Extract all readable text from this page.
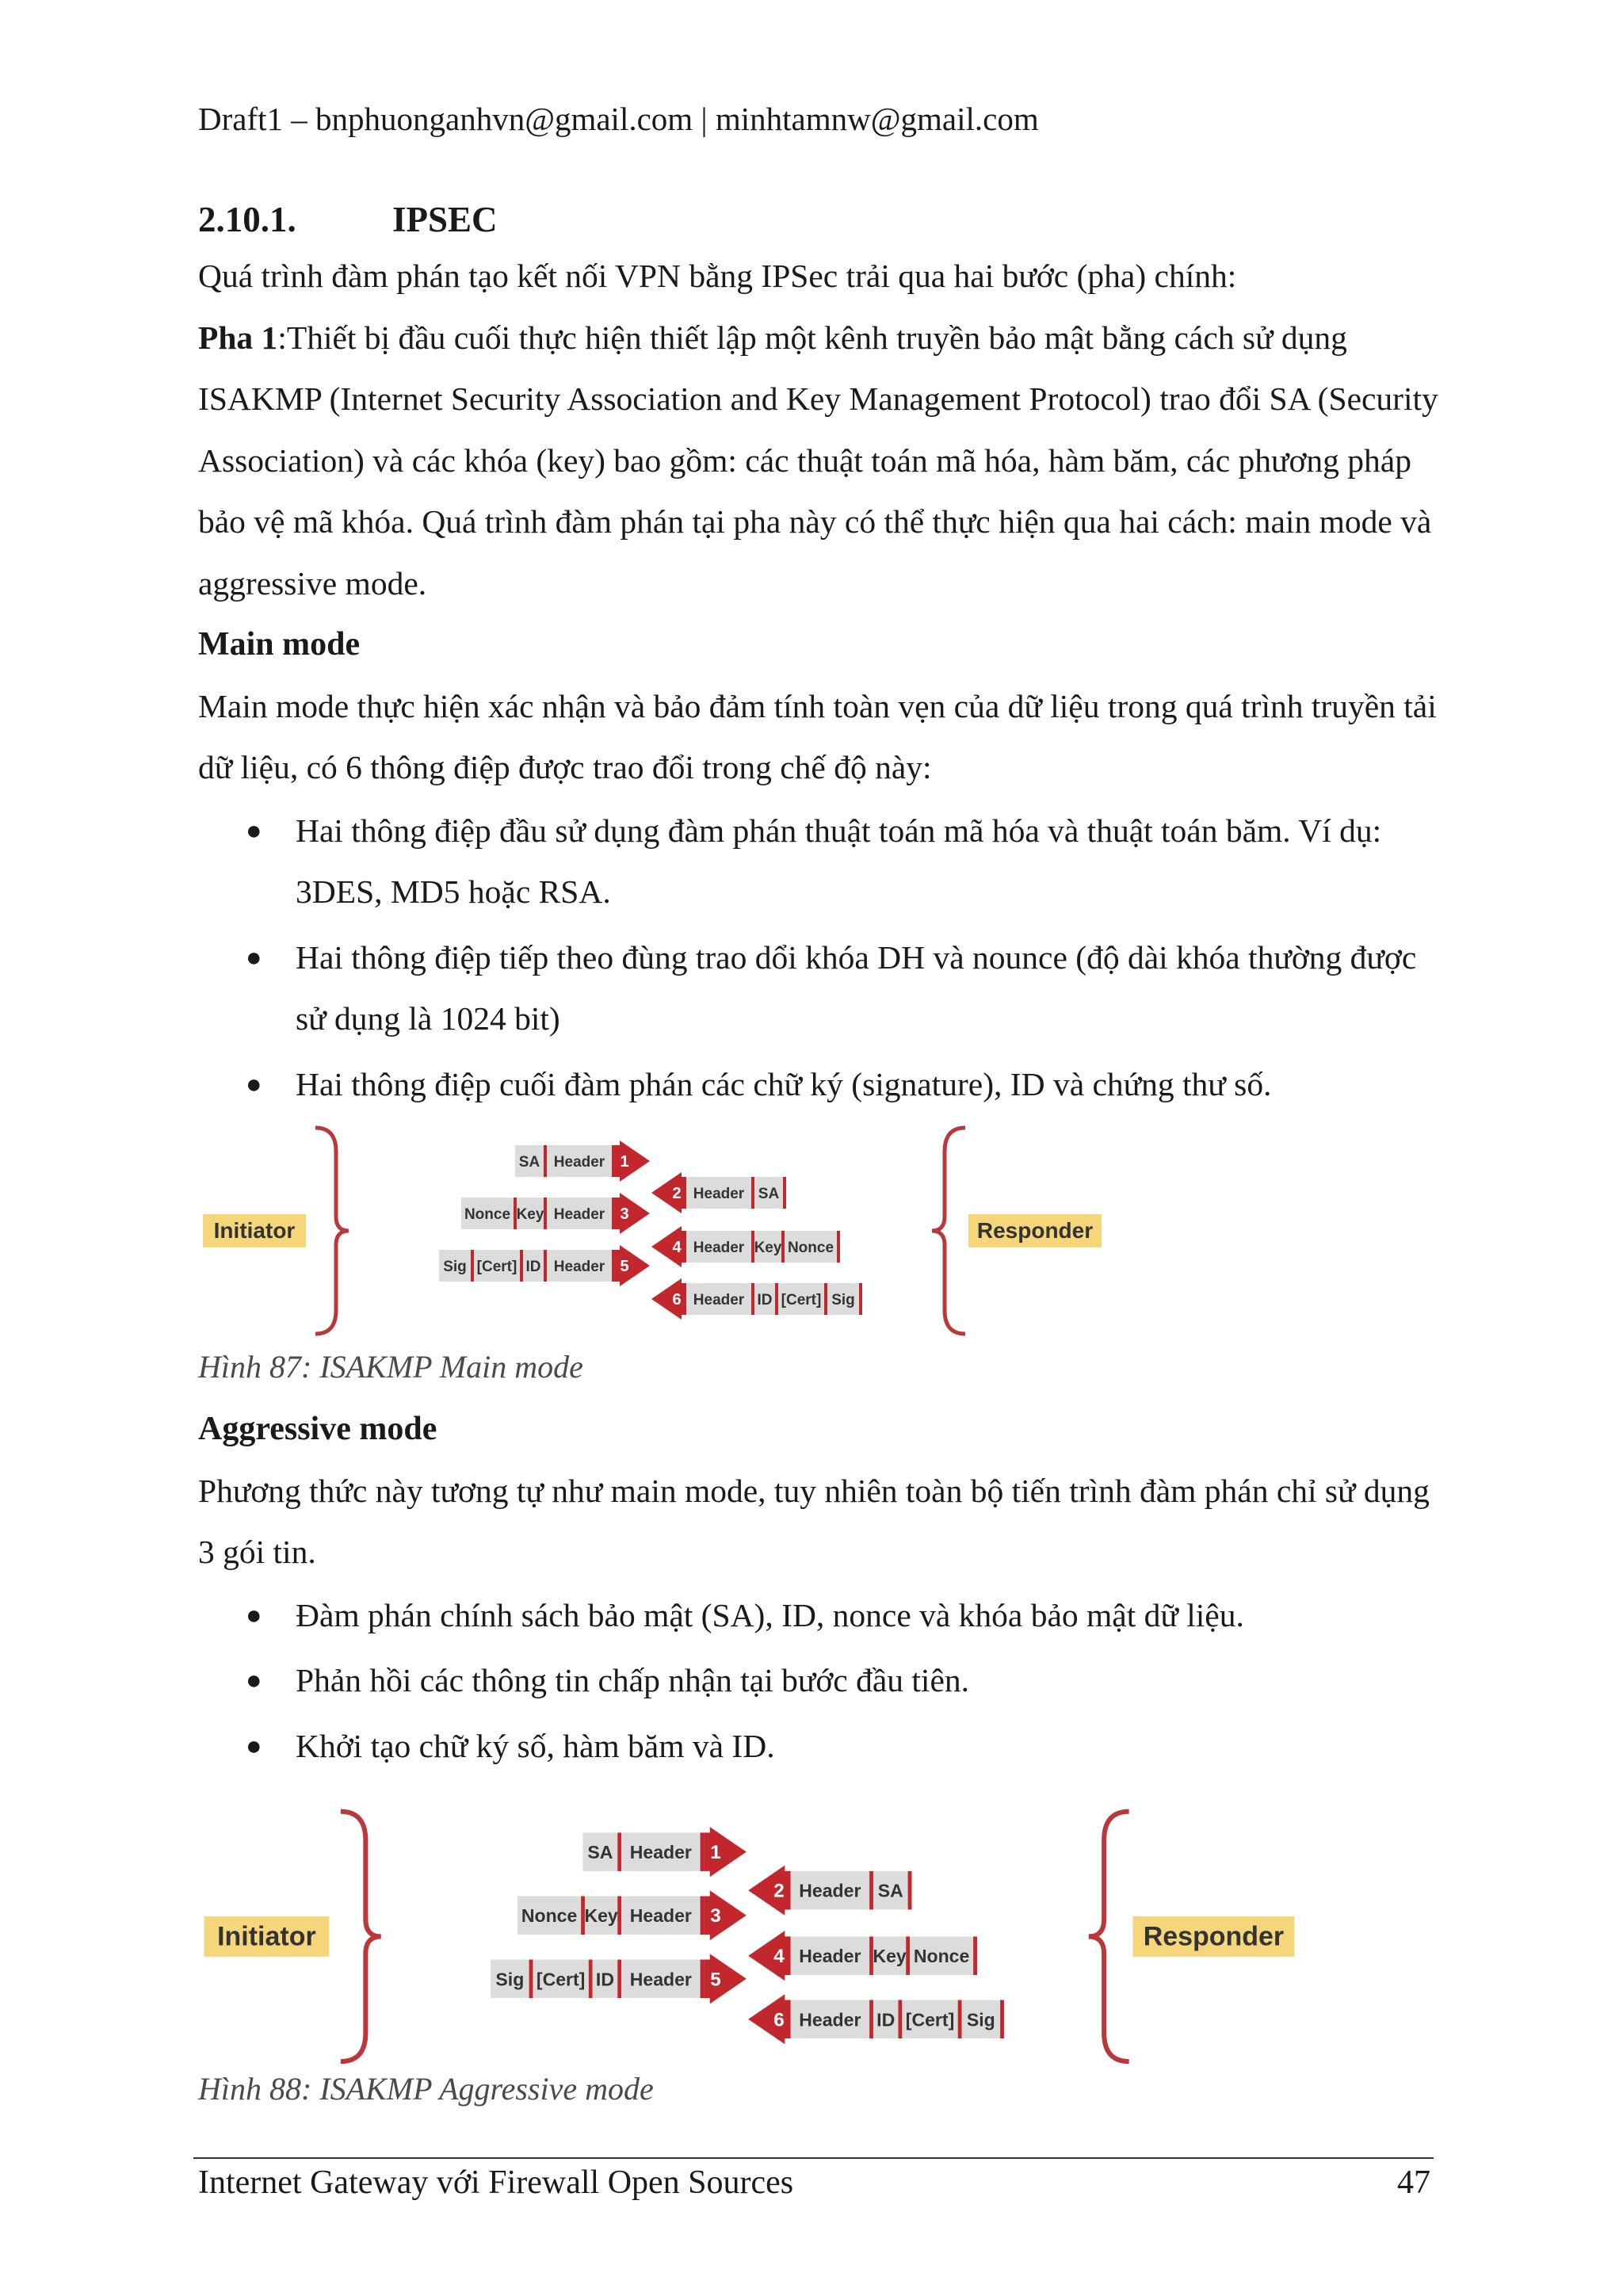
Draft1 – bnphuonganhvn@gmail.com | minhtamnw@gmail.com
2.10.1.	IPSEC

Quá trình đàm phán tạo kết nối VPN bằng IPSec trải qua hai bước (pha) chính:

Pha 1:Thiết bị đầu cuối thực hiện thiết lập một kênh truyền bảo mật bằng cách sử dụng ISAKMP (Internet Security Association and Key Management Protocol) trao đổi SA (Security Association) và các khóa (key) bao gồm: các thuật toán mã hóa, hàm băm, các phương pháp bảo vệ mã khóa. Quá trình đàm phán tại pha này có thể thực hiện qua hai cách: main mode và aggressive mode.

Main mode

Main mode thực hiện xác nhận và bảo đảm tính toàn vẹn của dữ liệu trong quá trình truyền tải dữ liệu, có 6 thông điệp được trao đổi trong chế độ này:

● Hai thông điệp đầu sử dụng đàm phán thuật toán mã hóa và thuật toán băm. Ví dụ: 3DES, MD5 hoặc RSA.
● Hai thông điệp tiếp theo đùng trao dổi khóa DH và nounce (độ dài khóa thường được sử dụng là 1024 bit)
● Hai thông điệp cuối đàm phán các chữ ký (signature), ID và chứng thư số.
Initiator
SA Header 1
Nonce Key Header 3
Sig [Cert] ID Header 5
Header SA
2
Header Key Nonce
4
Header ID [Cert] Sig
6
Responder
Hình 87: ISAKMP Main mode
Aggressive mode

Phương thức này tương tự như main mode, tuy nhiên toàn bộ tiến trình đàm phán chỉ sử dụng 3 gói tin.

● Đàm phán chính sách bảo mật (SA), ID, nonce và khóa bảo mật dữ liệu.
● Phản hồi các thông tin chấp nhận tại bước đầu tiên.
● Khởi tạo chữ ký số, hàm băm và ID.
Initiator
SA Header 1
Nonce Key Header 3
Sig [Cert] ID Header 5
Header SA
2
Header Key Nonce
4
Header ID [Cert] Sig
6
Responder
Hình 88: ISAKMP Aggressive mode
Internet Gateway với Firewall Open Sources	47
